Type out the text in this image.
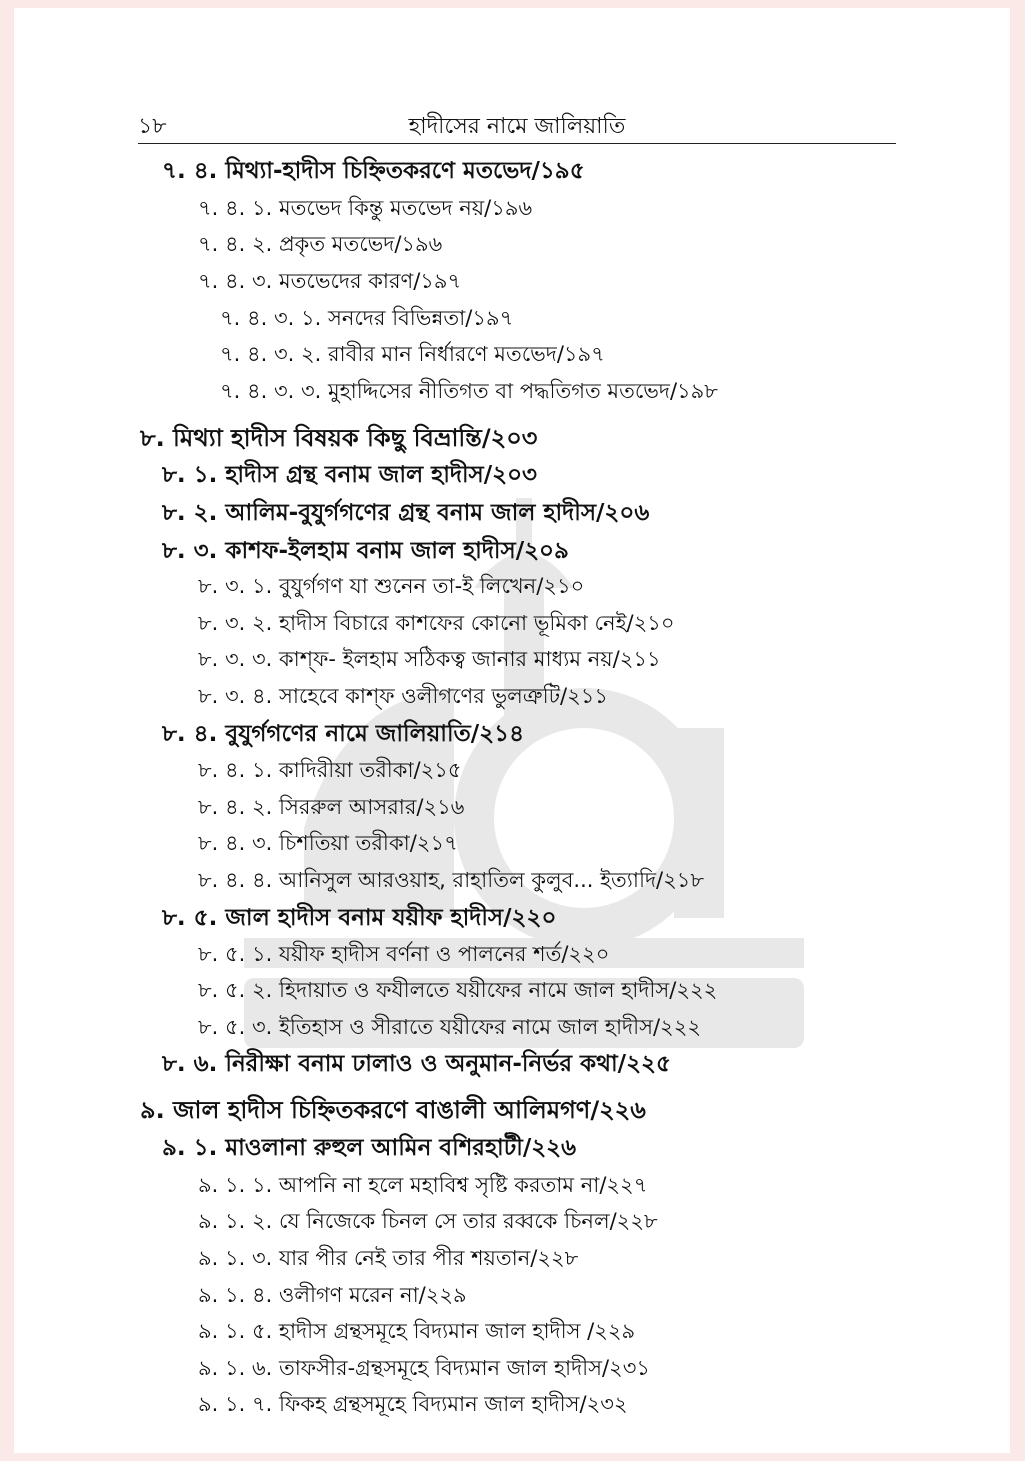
১৮	হাদীসের নামে জালিয়াতি
৭. ৪. মিথ্যা-হাদীস চিহ্নিতকরণে মতভেদ/১৯৫
৭. ৪. ১. মতভেদ কিন্তু মতভেদ নয়/১৯৬
৭. ৪. ২. প্রকৃত মতভেদ/১৯৬
৭. ৪. ৩. মতভেদের কারণ/১৯৭
৭. ৪. ৩. ১. সনদের বিভিন্নতা/১৯৭
৭. ৪. ৩. ২. রাবীর মান নির্ধারণে মতভেদ/১৯৭
৭. ৪. ৩. ৩. মুহাদ্দিসের নীতিগত বা পদ্ধতিগত মতভেদ/১৯৮
৮. মিথ্যা হাদীস বিষয়ক কিছু বিভ্রান্তি/২০৩
৮. ১. হাদীস গ্রন্থ বনাম জাল হাদীস/২০৩
৮. ২. আলিম-বুযুর্গগণের গ্রন্থ বনাম জাল হাদীস/২০৬
৮. ৩. কাশফ-ইলহাম বনাম জাল হাদীস/২০৯
৮. ৩. ১. বুযুর্গগণ যা শুনেন তা-ই লিখেন/২১০
৮. ৩. ২. হাদীস বিচারে কাশফের কোনো ভূমিকা নেই/২১০
৮. ৩. ৩. কাশ্‌ফ- ইলহাম সঠিকত্ব জানার মাধ্যম নয়/২১১
৮. ৩. ৪. সাহেবে কাশ্‌ফ ওলীগণের ভুলত্রুটি/২১১
৮. ৪. বুযুর্গগণের নামে জালিয়াতি/২১৪
৮. ৪. ১. কাদিরীয়া তরীকা/২১৫
৮. ৪. ২. সিররুল আসরার/২১৬
৮. ৪. ৩. চিশতিয়া তরীকা/২১৭
৮. ৪. ৪. আনিসুল আরওয়াহ, রাহাতিল কুলুব... ইত্যাদি/২১৮
৮. ৫. জাল হাদীস বনাম যয়ীফ হাদীস/২২০
৮. ৫. ১. যয়ীফ হাদীস বর্ণনা ও পালনের শর্ত/২২০
৮. ৫. ২. হিদায়াত ও ফযীলতে যয়ীফের নামে জাল হাদীস/২২২
৮. ৫. ৩. ইতিহাস ও সীরাতে যয়ীফের নামে জাল হাদীস/২২২
৮. ৬. নিরীক্ষা বনাম ঢালাও ও অনুমান-নির্ভর কথা/২২৫
৯. জাল হাদীস চিহ্নিতকরণে বাঙালী আলিমগণ/২২৬
৯. ১. মাওলানা রুহুল আমিন বশিরহাটী/২২৬
৯. ১. ১. আপনি না হলে মহাবিশ্ব সৃষ্টি করতাম না/২২৭
৯. ১. ২. যে নিজেকে চিনল সে তার রব্বকে চিনল/২২৮
৯. ১. ৩. যার পীর নেই তার পীর শয়তান/২২৮
৯. ১. ৪. ওলীগণ মরেন না/২২৯
৯. ১. ৫. হাদীস গ্রন্থসমূহে বিদ্যমান জাল হাদীস /২২৯
৯. ১. ৬. তাফসীর-গ্রন্থসমূহে বিদ্যমান জাল হাদীস/২৩১
৯. ১. ৭. ফিকহ গ্রন্থসমূহে বিদ্যমান জাল হাদীস/২৩২
